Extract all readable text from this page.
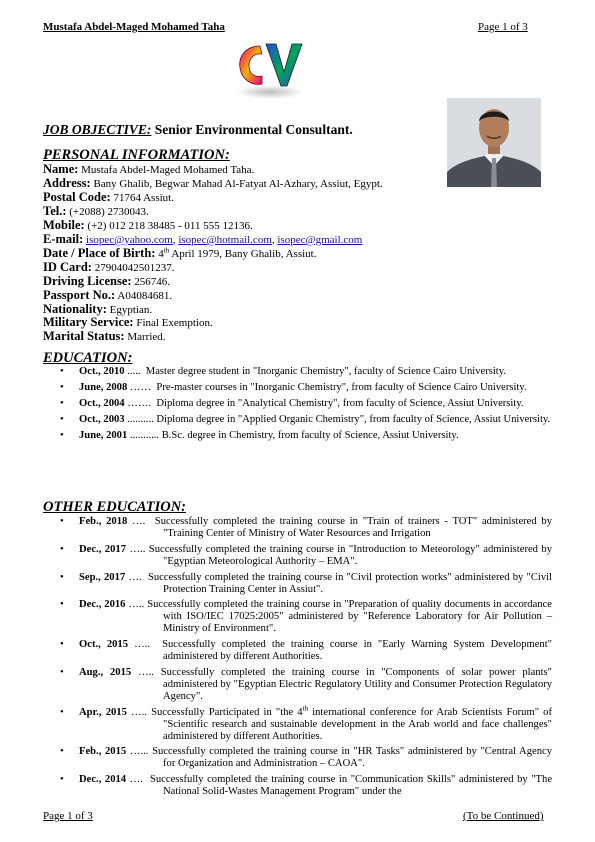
Mustafa Abdel-Maged Mohamed Taha	Page 1 of 3
JOB OBJECTIVE: Senior Environmental Consultant.
PERSONAL INFORMATION:
Name: Mustafa Abdel-Maged Mohamed Taha.
Address: Bany Ghalib, Begwar Mahad Al-Fatyat Al-Azhary, Assiut, Egypt.
Postal Code: 71764 Assiut.
Tel.: (+2088) 2730043.
Mobile: (+2) 012 218 38485 - 011 555 12136.
E-mail: isopec@yahoo.com, isopec@hotmail.com, isopec@gmail.com
Date / Place of Birth: 4th April 1979, Bany Ghalib, Assiut.
ID Card: 27904042501237.
Driving License: 256746.
Passport No.: A04084681.
Nationality: Egyptian.
Military Service: Final Exemption.
Marital Status: Married.
EDUCATION:
• Oct., 2010 ..... Master degree student in "Inorganic Chemistry", faculty of Science Cairo University.
• June, 2008 …… Pre-master courses in "Inorganic Chemistry", from faculty of Science Cairo University.
• Oct., 2004 ……. Diploma degree in "Analytical Chemistry", from faculty of Science, Assiut University.
• Oct., 2003 .......... Diploma degree in "Applied Organic Chemistry", from faculty of Science, Assiut University.
• June, 2001 ........... B.Sc. degree in Chemistry, from faculty of Science, Assiut University.
OTHER EDUCATION:
•	Feb., 2018 …. Successfully completed the training course in "Train of trainers - TOT" administered by "Training Center of Ministry of Water Resources and Irrigation
•	Dec., 2017 ….. Successfully completed the training course in "Introduction to Meteorology" administered by "Egyptian Meteorological Authority – EMA".
•	Sep., 2017 …. Successfully completed the training course in "Civil protection works" administered by "Civil Protection Training Center in Assiut".
•	Dec., 2016 ….. Successfully completed the training course in "Preparation of quality documents in accordance with ISO/IEC 17025:2005" administered by "Reference Laboratory for Air Pollution – Ministry of Environment".
•	Oct., 2015 ….. Successfully completed the training course in "Early Warning System Development" administered by different Authorities.
•	Aug., 2015 ….. Successfully completed the training course in "Components of solar power plants" administered by "Egyptian Electric Regulatory Utility and Consumer Protection Regulatory Agency".
•	Apr., 2015 ….. Successfully Participated in "the 4th international conference for Arab Scientists Forum" of "Scientific research and sustainable development in the Arab world and face challenges" administered by different Authorities.
•	Feb., 2015 …... Successfully completed the training course in "HR Tasks" administered by "Central Agency for Organization and Administration – CAOA".
•	Dec., 2014 …. Successfully completed the training course in "Communication Skills" administered by "The National Solid-Wastes Management Program" under the
Page 1 of 3	(To be Continued)
